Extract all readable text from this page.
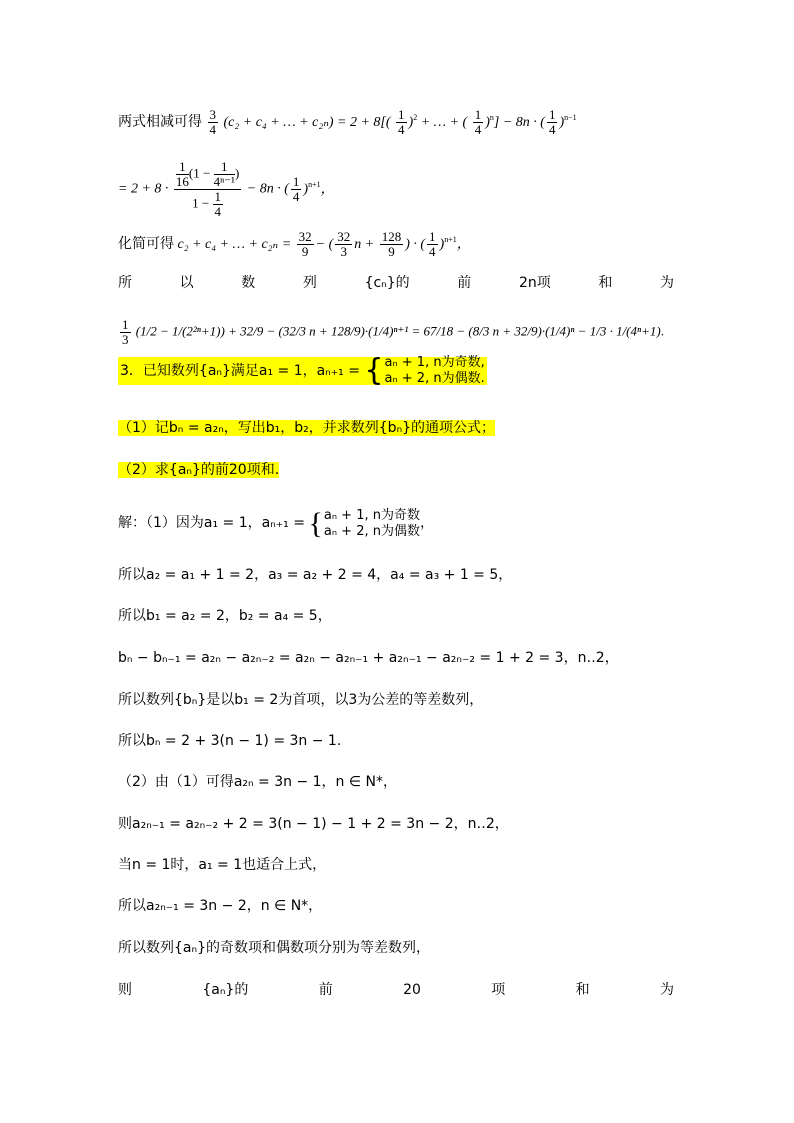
两式相减可得 $\frac{3}{4} (c_2 + c_4$ + … + $c_{2n}) = 2 + 8[( \frac{1}{4} )^2$ + … + ( $\frac{1}{4} )^n] - 8n$ · ( $\frac{1}{4} )^{n-1}$
= $2 + 8 \cdot \frac{\frac{1}{16} (1 - \frac{1}{\text{4ⁿ⁻¹}} )}{1 - \frac{1}{4}} - 8n$ · ( $\frac{1}{4} )^{n+1}$，
化简可得 c₂ + c₄ + … + $c_{2n} = \frac{32}{9}$ − ( $\frac{32}{3}$ $n + \frac{128}{9}$ ) · ( $\frac{1}{4} )^{n+1}$，
所	以	数	列	{cₙ}的	前	2n项	和	为
$\frac{1}{3} (1/2 - 1/(2^{2n}+1)) + 32/9 - (32/3$ n + 128/9)·(1/4)ⁿ⁺¹ = 67/18 − (8/3 n + 32/9)·(1/4)ⁿ − 1/3 · 1/(4ⁿ+1).
3．已知数列{aₙ}满足a₁ = 1，aₙ₊₁ = { aₙ + 1, n为奇数,
aₙ + 2, n为偶数.
（1）记bₙ = a₂ₙ，写出b₁，b₂，并求数列{bₙ}的通项公式；
（2）求{aₙ}的前20项和.
解：（1）因为a₁ = 1，aₙ₊₁ = { aₙ + 1, n为奇数
aₙ + 2, n为偶数
，
所以a₂ = a₁ + 1 = 2，a₃ = a₂ + 2 = 4，a₄ = a₃ + 1 = 5，
所以b₁ = a₂ = 2，b₂ = a₄ = 5，
bₙ − bₙ₋₁ = a₂ₙ − a₂ₙ₋₂ = a₂ₙ − a₂ₙ₋₁ + a₂ₙ₋₁ − a₂ₙ₋₂ = 1 + 2 = 3，n‥2，
所以数列{bₙ}是以b₁ = 2为首项，以3为公差的等差数列，
所以bₙ = 2 + 3(n − 1) = 3n − 1.
（2）由（1）可得a₂ₙ = 3n − 1，n ∈ N*，
则a₂ₙ₋₁ = a₂ₙ₋₂ + 2 = 3(n − 1) − 1 + 2 = 3n − 2，n‥2，
当n = 1时，a₁ = 1也适合上式，
所以a₂ₙ₋₁ = 3n − 2，n ∈ N*，
所以数列{aₙ}的奇数项和偶数项分别为等差数列，
则	{aₙ}的	前	20	项	和	为
